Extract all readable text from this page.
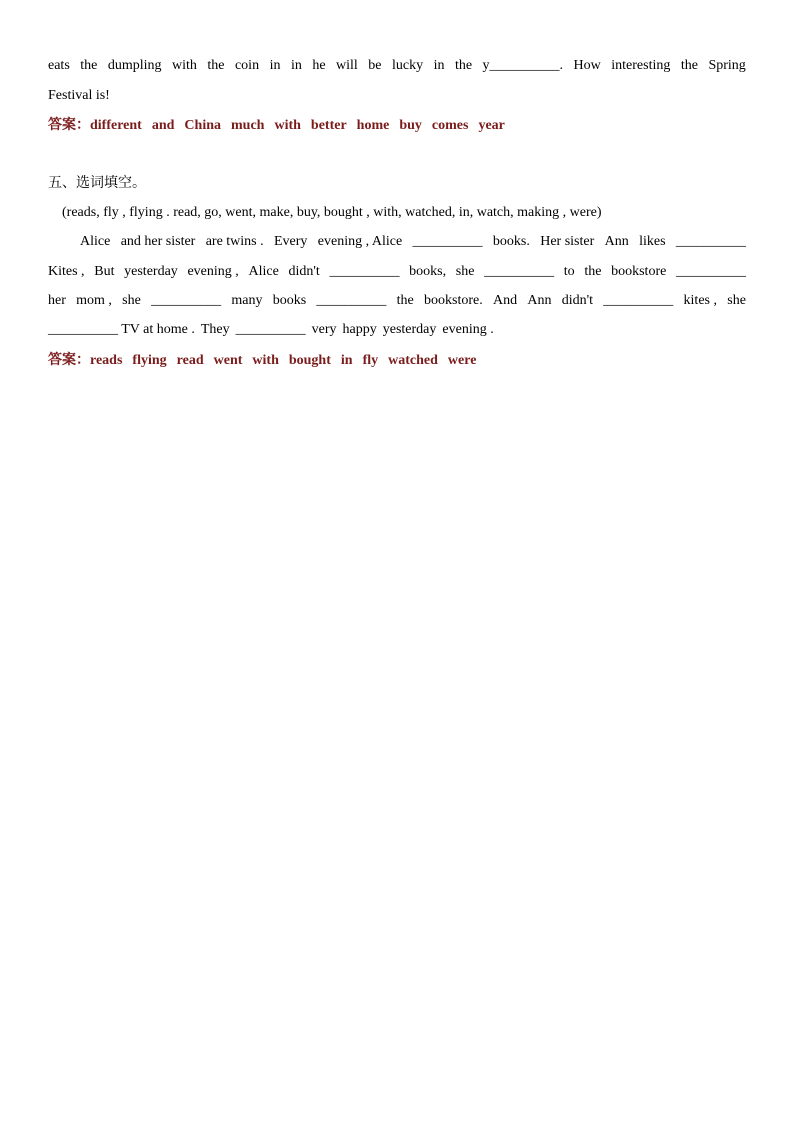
eats the dumpling with the coin in in he will be lucky in the y__________. How interesting the Spring
Festival is!
答案：different and China much with better home buy comes year
五、选词填空。
(reads, fly , flying . read, go, went, make, buy, bought , with, watched, in, watch, making , were)
Alice and her sister are twins . Every evening , Alice __________ books. Her sister Ann likes __________
Kites , But yesterday evening , Alice didn't __________ books, she __________ to the bookstore __________
her mom , she __________ many books __________ the bookstore. And Ann didn't __________ kites , she
__________ TV at home . They __________ very happy yesterday evening .
答案：reads flying read went with bought in fly watched were
